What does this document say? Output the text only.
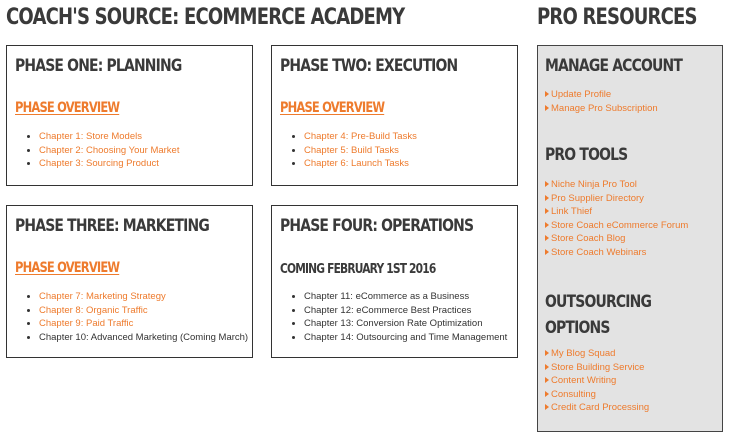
COACH'S SOURCE: ECOMMERCE ACADEMY	PRO RESOURCES
PHASE ONE: PLANNING
PHASE OVERVIEW
• Chapter 1: Store Models
• Chapter 2: Choosing Your Market
• Chapter 3: Sourcing Product
PHASE TWO: EXECUTION
PHASE OVERVIEW
• Chapter 4: Pre-Build Tasks
• Chapter 5: Build Tasks
• Chapter 6: Launch Tasks
PHASE THREE: MARKETING
PHASE OVERVIEW
• Chapter 7: Marketing Strategy
• Chapter 8: Organic Traffic
• Chapter 9: Paid Traffic
• Chapter 10: Advanced Marketing (Coming March)
PHASE FOUR: OPERATIONS
COMING FEBRUARY 1ST 2016
• Chapter 11: eCommerce as a Business
• Chapter 12: eCommerce Best Practices
• Chapter 13: Conversion Rate Optimization
• Chapter 14: Outsourcing and Time Management
MANAGE ACCOUNT
Update Profile
Manage Pro Subscription
PRO TOOLS
Niche Ninja Pro Tool
Pro Supplier Directory
Link Thief
Store Coach eCommerce Forum
Store Coach Blog
Store Coach Webinars
OUTSOURCING
OPTIONS
My Blog Squad
Store Building Service
Content Writing
Consulting
Credit Card Processing
